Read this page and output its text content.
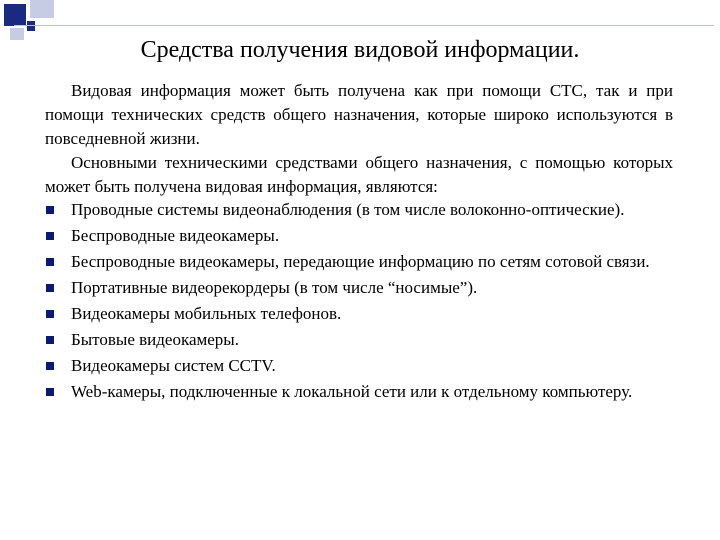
Средства получения видовой информации.

Видовая информация может быть получена как при помощи СТС, так и при помощи технических средств общего назначения, которые широко используются в повседневной жизни.

Основными техническими средствами общего назначения, с помощью которых может быть получена видовая информация, являются:

Проводные системы видеонаблюдения (в том числе волоконно-оптические).
Беспроводные видеокамеры.
Беспроводные видеокамеры, передающие информацию по сетям сотовой связи.
Портативные видеорекордеры (в том числе “носимые”).
Видеокамеры мобильных телефонов.
Бытовые видеокамеры.
Видеокамеры систем CCTV.
Web-камеры, подключенные к локальной сети или к отдельному компьютеру.
